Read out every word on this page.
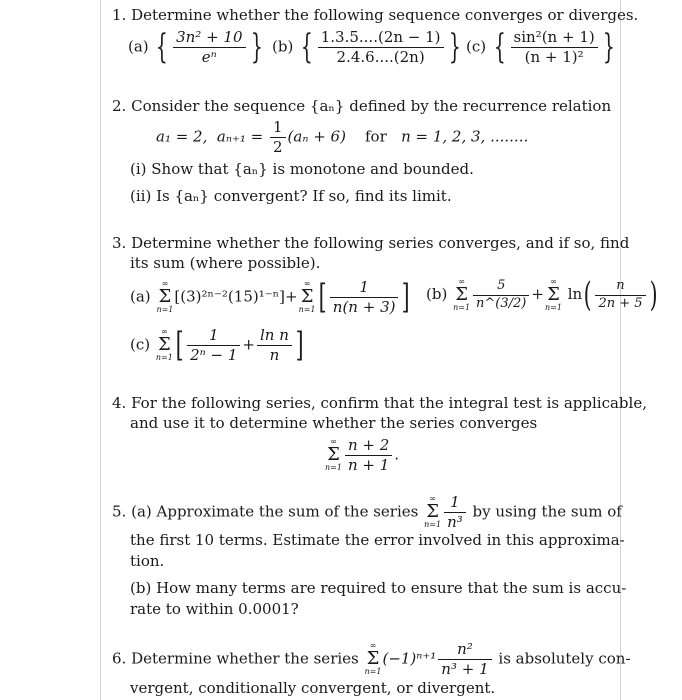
1. Determine whether the following sequence converges or diverges.
(a) { $\frac{\text{3n² + 10}}{\text{eⁿ}}$ } (b) { $\frac{1.3.5....(2n - 1)}{2.4.6....(2n)}$ } (c) { $\frac{\text{sin²(n + 1)}}{\text{(n + 1)²}}$ }
2. Consider the sequence {aₙ} defined by the recurrence relation
a₁ = 2, $a_{n+1} = \frac{1}{2} (a_n + 6)$ for n = 1, 2, 3, ........
(i) Show that {aₙ} is monotone and bounded.
(ii) Is {aₙ} convergent? If so, find its limit.
3. Determine whether the following series converges, and if so, find
its sum (where possible).
(a)
∞
Σ
n=1
[(3)²ⁿ⁻²(15)¹⁻ⁿ]+
∞
Σ
n=1 [ $\frac{1}{n(n + 3)}$ ] (b)
∞
Σ
$n=1 \frac{5}{n\^{}(3/2)}$ +
∞
Σ
n=1
$\ln( \frac{n}{2n + 5}$ )
(c)
∞
Σ
n=1 [ $\frac{1}{\text{2ⁿ − 1}} + \frac{\text{ln n}}{n}$ ]
4. For the following series, confirm that the integral test is applicable,
and use it to determine whether the series converges
∞
Σ
$n=1 \frac{n + 2}{n + 1}$ .
5. (a) Approximate the sum of the series
∞
Σ
$n=1 \frac{1}{\text{n³}}$ by using the sum of
the first 10 terms. Estimate the error involved in this approxima-
tion.
(b) How many terms are required to ensure that the sum is accu-
rate to within 0.0001?
6. Determine whether the series
∞
Σ
n=1
$(-1)^{n+1} \frac{\text{n²}}{\text{n³ + 1}}$ is absolutely con-
vergent, conditionally convergent, or divergent.
